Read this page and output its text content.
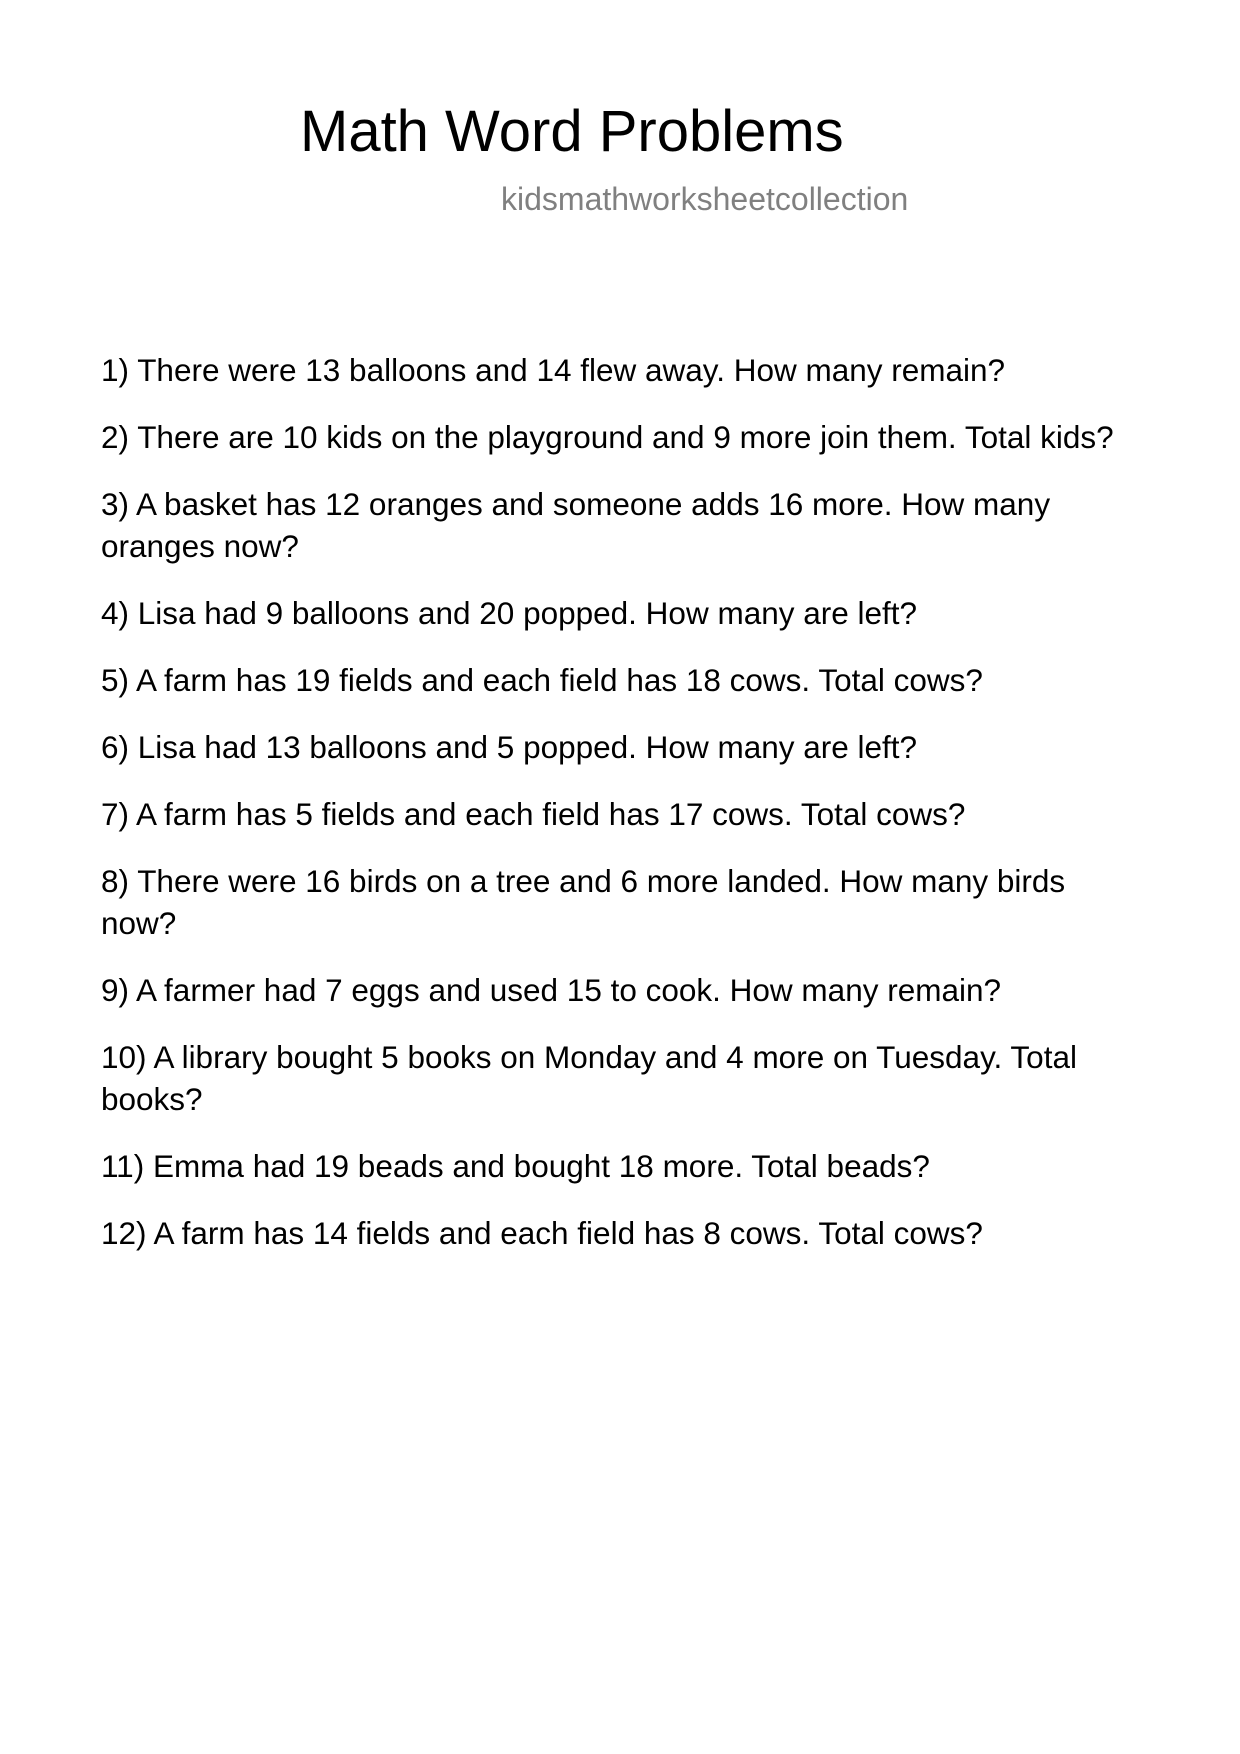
Math Word Problems
kidsmathworksheetcollection
1) There were 13 balloons and 14 flew away. How many remain?
2) There are 10 kids on the playground and 9 more join them. Total kids?
3) A basket has 12 oranges and someone adds 16 more. How many oranges now?
4) Lisa had 9 balloons and 20 popped. How many are left?
5) A farm has 19 fields and each field has 18 cows. Total cows?
6) Lisa had 13 balloons and 5 popped. How many are left?
7) A farm has 5 fields and each field has 17 cows. Total cows?
8) There were 16 birds on a tree and 6 more landed. How many birds now?
9) A farmer had 7 eggs and used 15 to cook. How many remain?
10) A library bought 5 books on Monday and 4 more on Tuesday. Total books?
11) Emma had 19 beads and bought 18 more. Total beads?
12) A farm has 14 fields and each field has 8 cows. Total cows?
